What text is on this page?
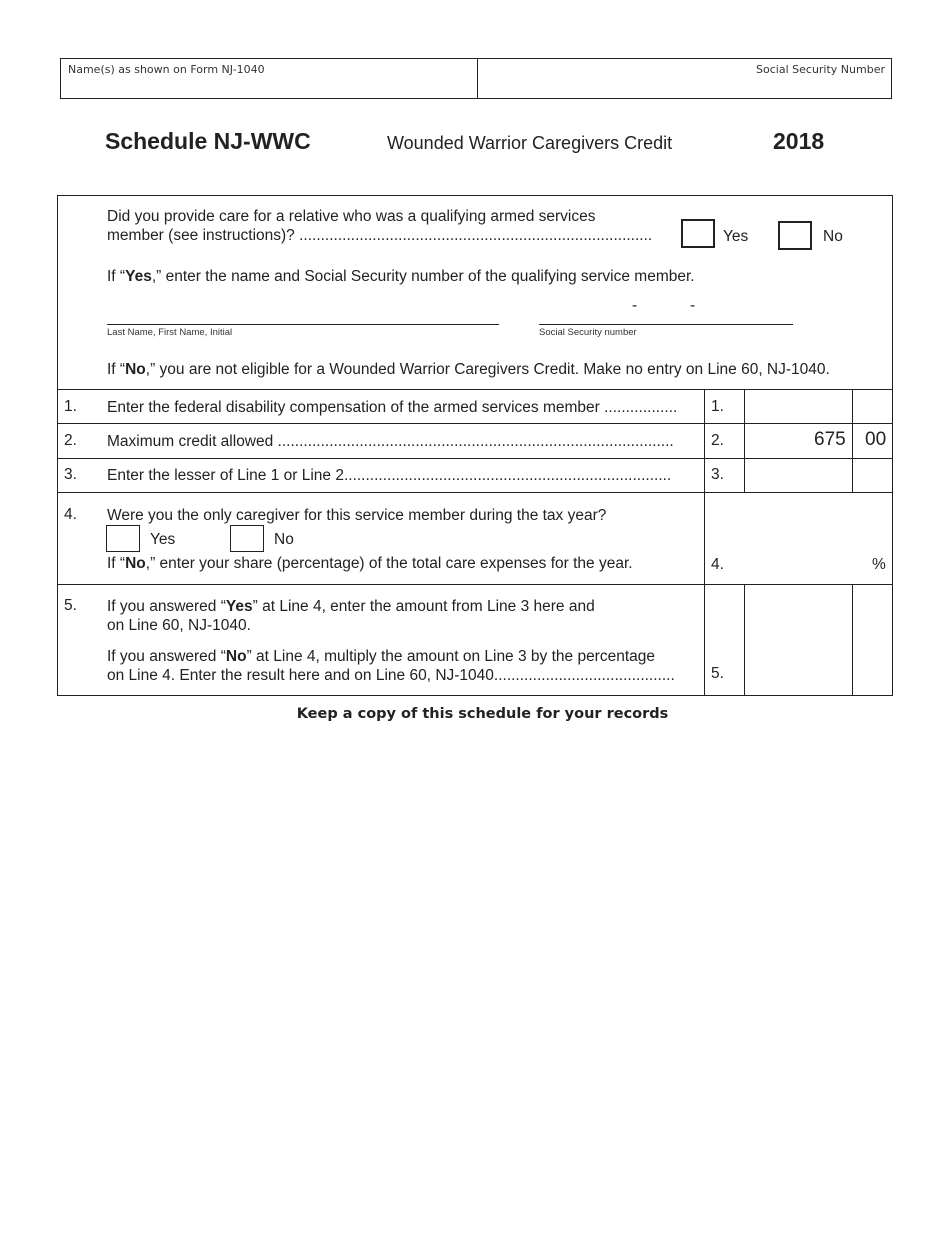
Name(s) as shown on Form NJ-1040	Social Security Number
Schedule NJ-WWC	Wounded Warrior Caregivers Credit	2018
Did you provide care for a relative who was a qualifying armed services
member (see instructions)? ..................................................................................	Yes	No
If “Yes,” enter the name and Social Security number of the qualifying service member.
Last Name, First Name, Initial
-	-
Social Security number
If “No,” you are not eligible for a Wounded Warrior Caregivers Credit. Make no entry on Line 60, NJ-1040.
1. Enter the federal disability compensation of the armed services member ................. 1.
2. Maximum credit allowed ............................................................................................ 2.	675 00
3. Enter the lesser of Line 1 or Line 2............................................................................	3.
4. Were you the only caregiver for this service member during the tax year?
Yes	No
If “No,” enter your share (percentage) of the total care expenses for the year.	4.	%
5. If you answered “Yes” at Line 4, enter the amount from Line 3 here and
on Line 60, NJ-1040.
If you answered “No” at Line 4, multiply the amount on Line 3 by the percentage
on Line 4. Enter the result here and on Line 60, NJ-1040.......................................... 5.
Keep a copy of this schedule for your records
